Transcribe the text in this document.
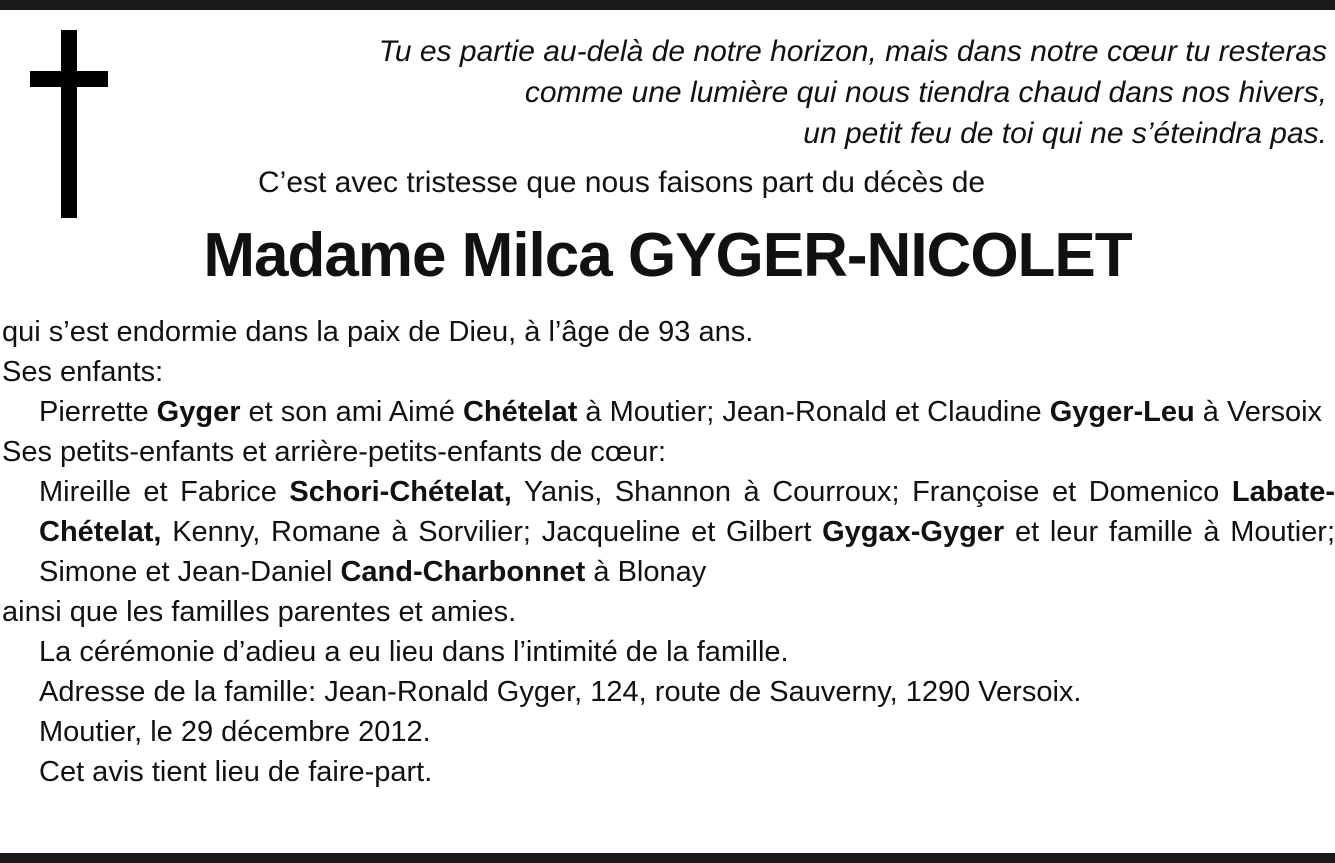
Tu es partie au-delà de notre horizon, mais dans notre cœur tu resteras
comme une lumière qui nous tiendra chaud dans nos hivers,
un petit feu de toi qui ne s’éteindra pas.
C’est avec tristesse que nous faisons part du décès de
Madame Milca GYGER-NICOLET

qui s’est endormie dans la paix de Dieu, à l’âge de 93 ans.

Ses enfants:

Pierrette Gyger et son ami Aimé Chételat à Moutier; Jean-Ronald et Claudine Gyger-Leu à Versoix

Ses petits-enfants et arrière-petits-enfants de cœur:

Mireille et Fabrice Schori-Chételat, Yanis, Shannon à Courroux; Françoise et Domenico Labate-Chételat, Kenny, Romane à Sorvilier; Jacqueline et Gilbert Gygax-Gyger et leur famille à Moutier; Simone et Jean-Daniel Cand-Charbonnet à Blonay

ainsi que les familles parentes et amies.

La cérémonie d’adieu a eu lieu dans l’intimité de la famille.

Adresse de la famille: Jean-Ronald Gyger, 124, route de Sauverny, 1290 Versoix.

Moutier, le 29 décembre 2012.

Cet avis tient lieu de faire-part.
